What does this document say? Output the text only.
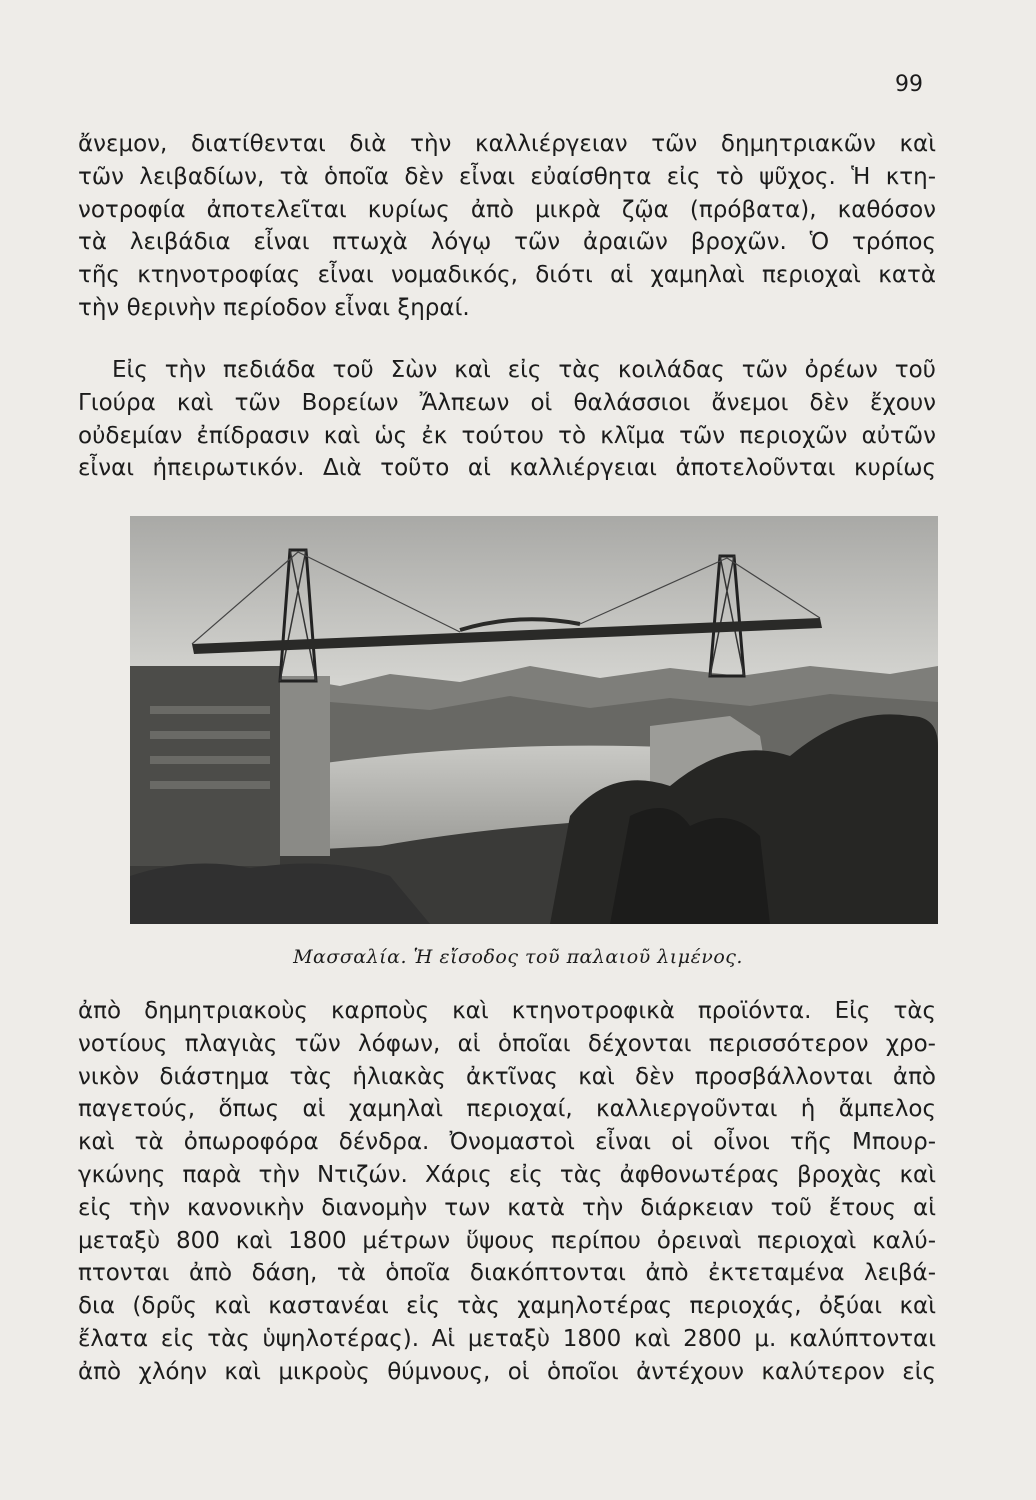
99

ἄνεμον, διατίθενται διὰ τὴν καλλιέργειαν τῶν δημητριακῶν καὶ
τῶν λειβαδίων, τὰ ὁποῖα δὲν εἶναι εὐαίσθητα εἰς τὸ ψῦχος. Ἡ κτη-
νοτροφία ἀποτελεῖται κυρίως ἀπὸ μικρὰ ζῷα (πρόβατα), καθόσον
τὰ λειβάδια εἶναι πτωχὰ λόγῳ τῶν ἀραιῶν βροχῶν. Ὁ τρόπος
τῆς κτηνοτροφίας εἶναι νομαδικός, διότι αἱ χαμηλαὶ περιοχαὶ κατὰ
τὴν θερινὴν περίοδον εἶναι ξηραί.

Εἰς τὴν πεδιάδα τοῦ Σὼν καὶ εἰς τὰς κοιλάδας τῶν ὀρέων τοῦ
Γιούρα καὶ τῶν Βορείων Ἄλπεων οἱ θαλάσσιοι ἄνεμοι δὲν ἔχουν
οὐδεμίαν ἐπίδρασιν καὶ ὡς ἐκ τούτου τὸ κλῖμα τῶν περιοχῶν αὐτῶν
εἶναι ἠπειρωτικόν. Διὰ τοῦτο αἱ καλλιέργειαι ἀποτελοῦνται κυρίως

Μασσαλία. Ἡ εἴσοδος τοῦ παλαιοῦ λιμένος.

ἀπὸ δημητριακοὺς καρποὺς καὶ κτηνοτροφικὰ προϊόντα. Εἰς τὰς
νοτίους πλαγιὰς τῶν λόφων, αἱ ὁποῖαι δέχονται περισσότερον χρο-
νικὸν διάστημα τὰς ἡλιακὰς ἀκτῖνας καὶ δὲν προσβάλλονται ἀπὸ
παγετούς, ὅπως αἱ χαμηλαὶ περιοχαί, καλλιεργοῦνται ἡ ἄμπελος
καὶ τὰ ὀπωροφόρα δένδρα. Ὀνομαστοὶ εἶναι οἱ οἶνοι τῆς Μπουρ-
γκώνης παρὰ τὴν Ντιζών. Χάρις εἰς τὰς ἀφθονωτέρας βροχὰς καὶ
εἰς τὴν κανονικὴν διανομὴν των κατὰ τὴν διάρκειαν τοῦ ἔτους αἱ
μεταξὺ 800 καὶ 1800 μέτρων ὕψους περίπου ὀρειναὶ περιοχαὶ καλύ-
πτονται ἀπὸ δάση, τὰ ὁποῖα διακόπτονται ἀπὸ ἐκτεταμένα λειβά-
δια (δρῦς καὶ καστανέαι εἰς τὰς χαμηλοτέρας περιοχάς, ὀξύαι καὶ
ἔλατα εἰς τὰς ὑψηλοτέρας). Αἱ μεταξὺ 1800 καὶ 2800 μ. καλύπτονται
ἀπὸ χλόην καὶ μικροὺς θύμνους, οἱ ὁποῖοι ἀντέχουν καλύτερον εἰς
